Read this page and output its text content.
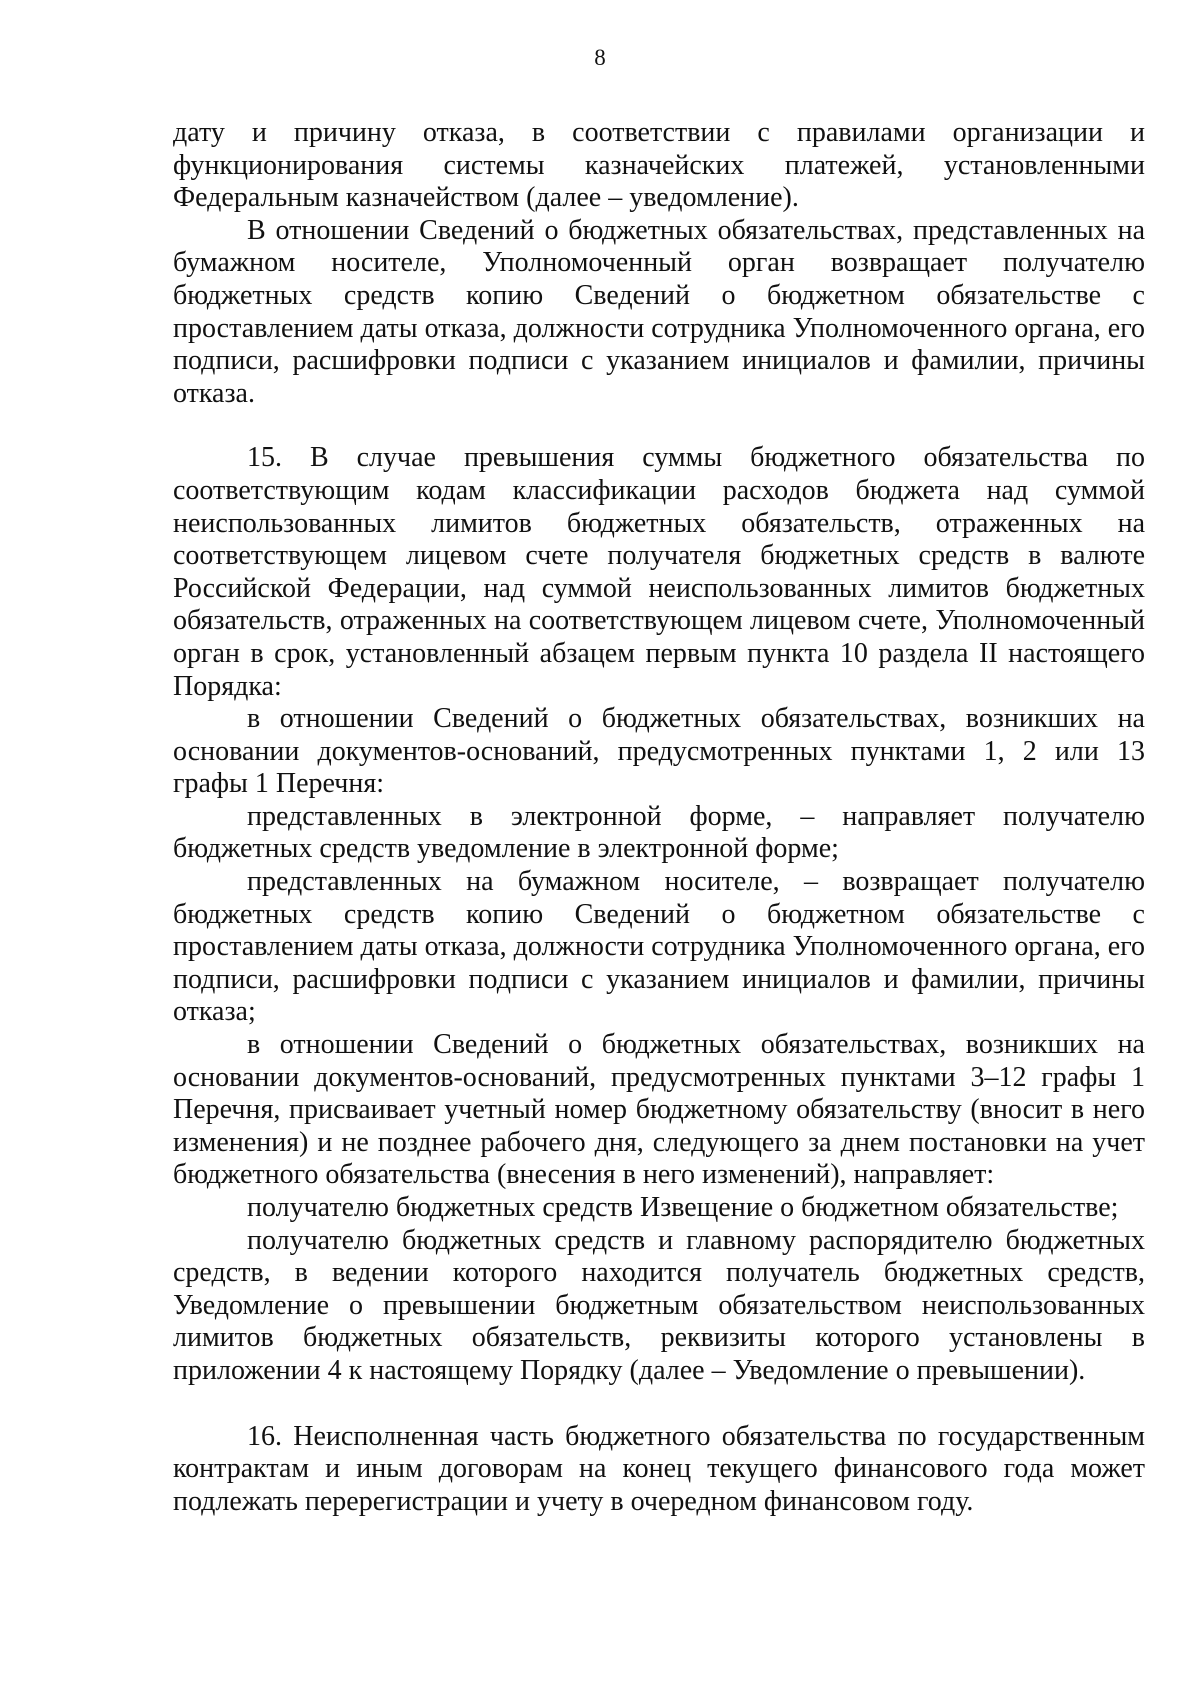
8

дату и причину отказа, в соответствии с правилами организации и функционирования системы казначейских платежей, установленными Федеральным казначейством (далее – уведомление).

В отношении Сведений о бюджетных обязательствах, представленных на бумажном носителе, Уполномоченный орган возвращает получателю бюджетных средств копию Сведений о бюджетном обязательстве с проставлением даты отказа, должности сотрудника Уполномоченного органа, его подписи, расшифровки подписи с указанием инициалов и фамилии, причины отказа.

15. В случае превышения суммы бюджетного обязательства по соответствующим кодам классификации расходов бюджета над суммой неиспользованных лимитов бюджетных обязательств, отраженных на соответствующем лицевом счете получателя бюджетных средств в валюте Российской Федерации, над суммой неиспользованных лимитов бюджетных обязательств, отраженных на соответствующем лицевом счете, Уполномоченный орган в срок, установленный абзацем первым пункта 10 раздела II настоящего Порядка:

в отношении Сведений о бюджетных обязательствах, возникших на основании документов-оснований, предусмотренных пунктами 1, 2 или 13 графы 1 Перечня:

представленных в электронной форме, – направляет получателю бюджетных средств уведомление в электронной форме;

представленных на бумажном носителе, – возвращает получателю бюджетных средств копию Сведений о бюджетном обязательстве с проставлением даты отказа, должности сотрудника Уполномоченного органа, его подписи, расшифровки подписи с указанием инициалов и фамилии, причины отказа;

в отношении Сведений о бюджетных обязательствах, возникших на основании документов-оснований, предусмотренных пунктами 3–12 графы 1 Перечня, присваивает учетный номер бюджетному обязательству (вносит в него изменения) и не позднее рабочего дня, следующего за днем постановки на учет бюджетного обязательства (внесения в него изменений), направляет:

получателю бюджетных средств Извещение о бюджетном обязательстве;

получателю бюджетных средств и главному распорядителю бюджетных средств, в ведении которого находится получатель бюджетных средств, Уведомление о превышении бюджетным обязательством неиспользованных лимитов бюджетных обязательств, реквизиты которого установлены в приложении 4 к настоящему Порядку (далее – Уведомление о превышении).

16. Неисполненная часть бюджетного обязательства по государственным контрактам и иным договорам на конец текущего финансового года может подлежать перерегистрации и учету в очередном финансовом году.
